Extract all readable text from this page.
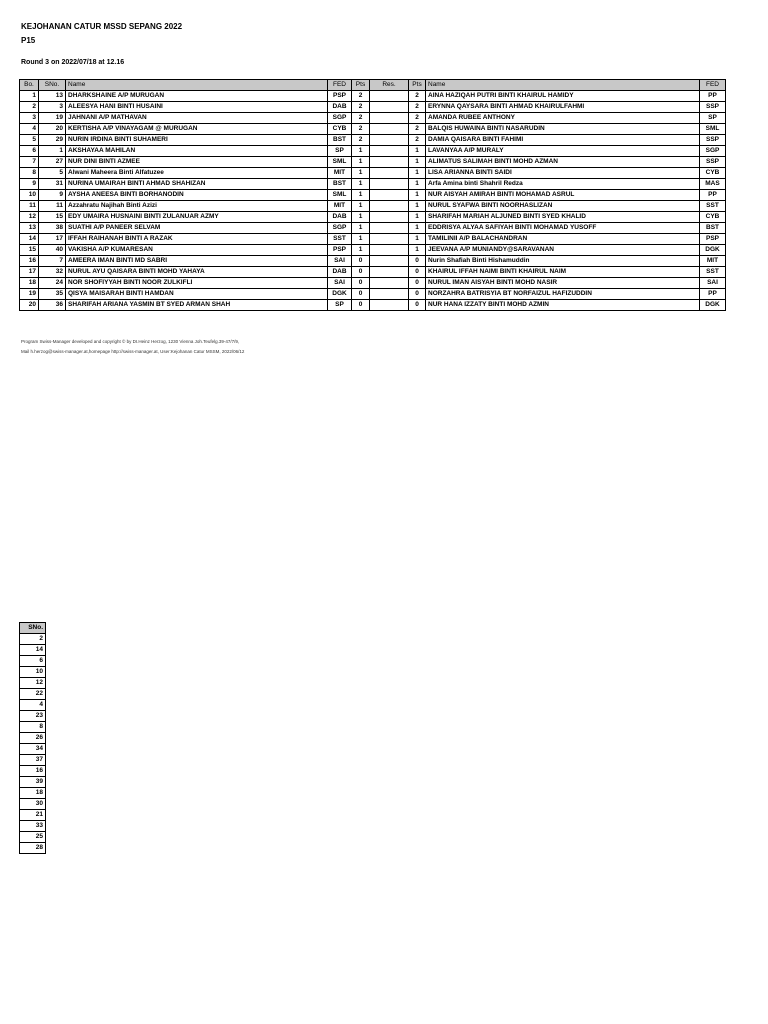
KEJOHANAN CATUR MSSD SEPANG 2022
P15
Round 3 on 2022/07/18 at 12.16
Bo.	SNo.	Name	FED	Pts	Res.	Pts	Name	FED
1	13	DHARKSHAINE A/P MURUGAN	PSP	2		2	AINA HAZIQAH PUTRI BINTI KHAIRUL HAMIDY	PP
2	3	ALEESYA HANI BINTI HUSAINI	DAB	2		2	ERYNNA QAYSARA BINTI AHMAD KHAIRULFAHMI	SSP
3	19	JAHNANI A/P MATHAVAN	SGP	2		2	AMANDA RUBEE ANTHONY	SP
4	20	KERTISHA A/P VINAYAGAM @ MURUGAN	CYB	2		2	BALQIS HUWAINA BINTI NASARUDIN	SML
5	29	NURIN IRDINA BINTI SUHAMERI	BST	2		2	DAMIA QAISARA BINTI FAHIMI	SSP
6	1	AKSHAYAA MAHILAN	SP	1		1	LAVANYAA A/P MURALY	SGP
7	27	NUR DINI BINTI AZMEE	SML	1		1	ALIMATUS SALIMAH BINTI MOHD AZMAN	SSP
8	5	Alwani Maheera Binti Alfatuzee	MIT	1		1	LISA ARIANNA BINTI SAIDI	CYB
9	31	NURINA UMAIRAH BINTI AHMAD SHAHIZAN	BST	1		1	Arfa Amina binti Shahril Redza	MAS
10	9	AYSHA ANEESA BINTI BORHANODIN	SML	1		1	NUR AISYAH AMIRAH BINTI MOHAMAD ASRUL	PP
11	11	Azzahratu Najihah Binti Azizi	MIT	1		1	NURUL SYAFWA BINTI NOORHASLIZAN	SST
12	15	EDY UMAIRA HUSNAINI BINTI ZULANUAR AZMY	DAB	1		1	SHARIFAH MARIAH ALJUNED BINTI SYED KHALID	CYB
13	38	SUATHI A/P PANEER SELVAM	SGP	1		1	EDDRISYA ALYAA SAFIYAH BINTI MOHAMAD YUSOFF	BST
14	17	IFFAH RAIHANAH BINTI A RAZAK	SST	1		1	TAMILINII A/P BALACHANDRAN	PSP
15	40	VAKISHA A/P KUMARESAN	PSP	1		1	JEEVANA A/P MUNIANDY@SARAVANAN	DGK
16	7	AMEERA IMAN BINTI MD SABRI	SAI	0		0	Nurin Shafiah Binti Hishamuddin	MIT
17	32	NURUL AYU QAISARA BINTI MOHD YAHAYA	DAB	0		0	KHAIRUL IFFAH NAIMI BINTI KHAIRUL NAIM	SST
18	24	NOR SHOFIYYAH BINTI NOOR ZULKIFLI	SAI	0		0	NURUL IMAN AISYAH BINTI MOHD NASIR	SAI
19	35	QISYA MAISARAH BINTI HAMDAN	DGK	0		0	NORZAHRA BATRISYIA BT NORFAIZUL HAFIZUDDIN	PP
20	36	SHARIFAH ARIANA YASMIN BT SYED ARMAN SHAH	SP	0		0	NUR HANA IZZATY BINTI MOHD AZMIN	DGK
Program Swiss-Manager developed and copyright © by DI.Heinz Herzog, 1230 Vienna Joh.Teufelg.39-47/7/9,
Mail h.herzog@swiss-manager.at,homepage http://swiss-manager.at, User:Kejohanan Catur MSSM, 2022/06/12
SNo.
2
14
6
10
12
22
4
23
8
26
34
37
16
39
18
30
21
33
25
28
